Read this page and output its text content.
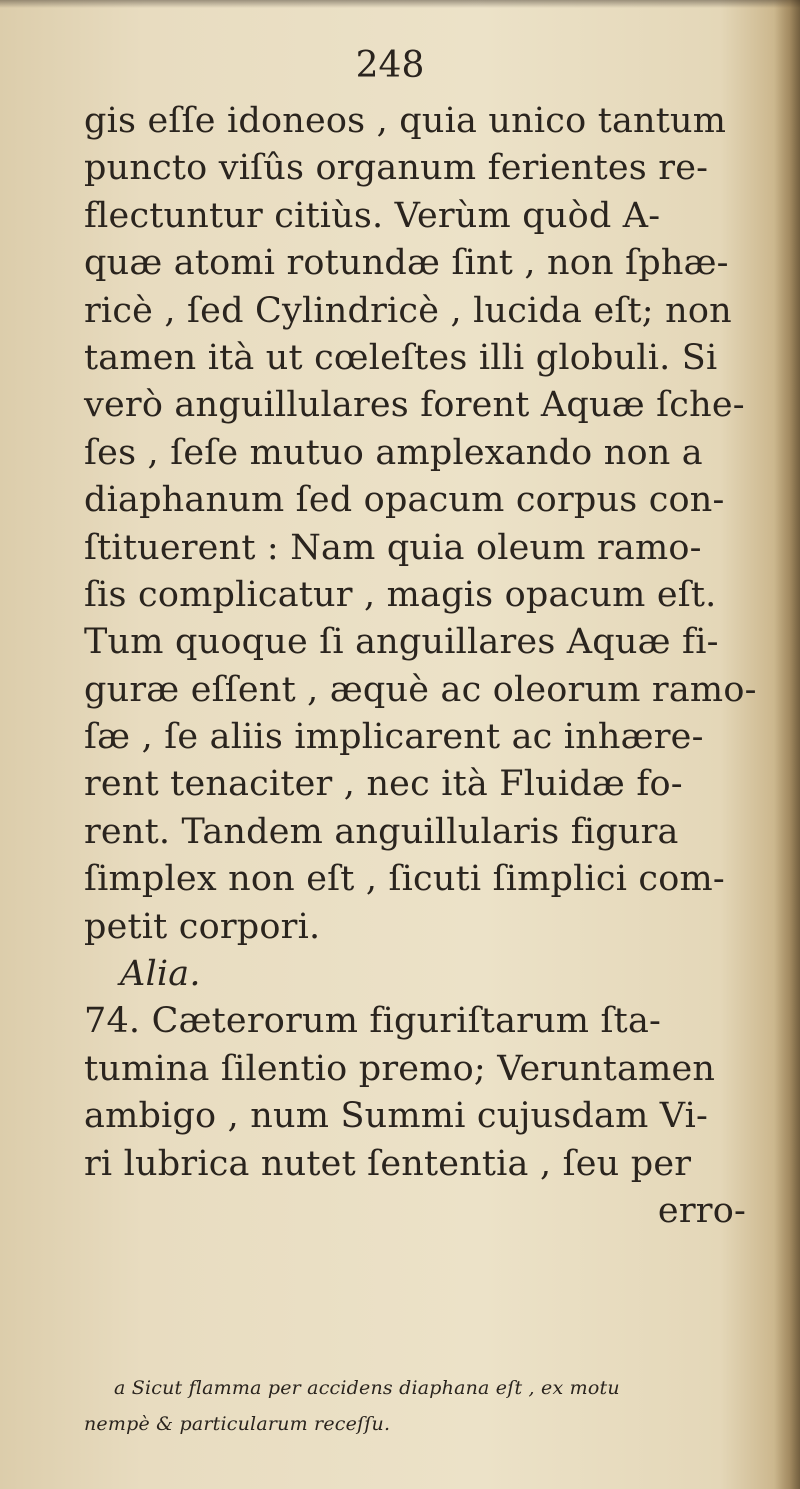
248
gis eſſe idoneos , quia unico tantum
puncto viſûs organum ferientes re-
flectuntur citiùs. Verùm quòd A-
quæ atomi rotundæ ſint , non ſphæ-
ricè , ſed Cylindricè , lucida eſt; non
tamen ità ut cœleſtes illi globuli. Si
verò anguillulares forent Aquæ ſche-
ſes , ſeſe mutuo amplexando non a
diaphanum ſed opacum corpus con-
ſtituerent : Nam quia oleum ramo-
ſis complicatur , magis opacum eſt.
Tum quoque ſi anguillares Aquæ fi-
guræ eſſent , æquè ac oleorum ramo-
ſæ , ſe aliis implicarent ac inhære-
rent tenaciter , nec ità Fluidæ fo-
rent. Tandem anguillularis figura
ſimplex non eſt , ſicuti ſimplici com-
petit corpori.
Alia.
74. Cæterorum figuriſtarum ſta-
tumina ſilentio premo; Veruntamen
ambigo , num Summi cujusdam Vi-
ri lubrica nutet ſententia , ſeu per
erro-
a Sicut flamma per accidens diaphana eſt , ex motu
nempè & particularum receſſu.
